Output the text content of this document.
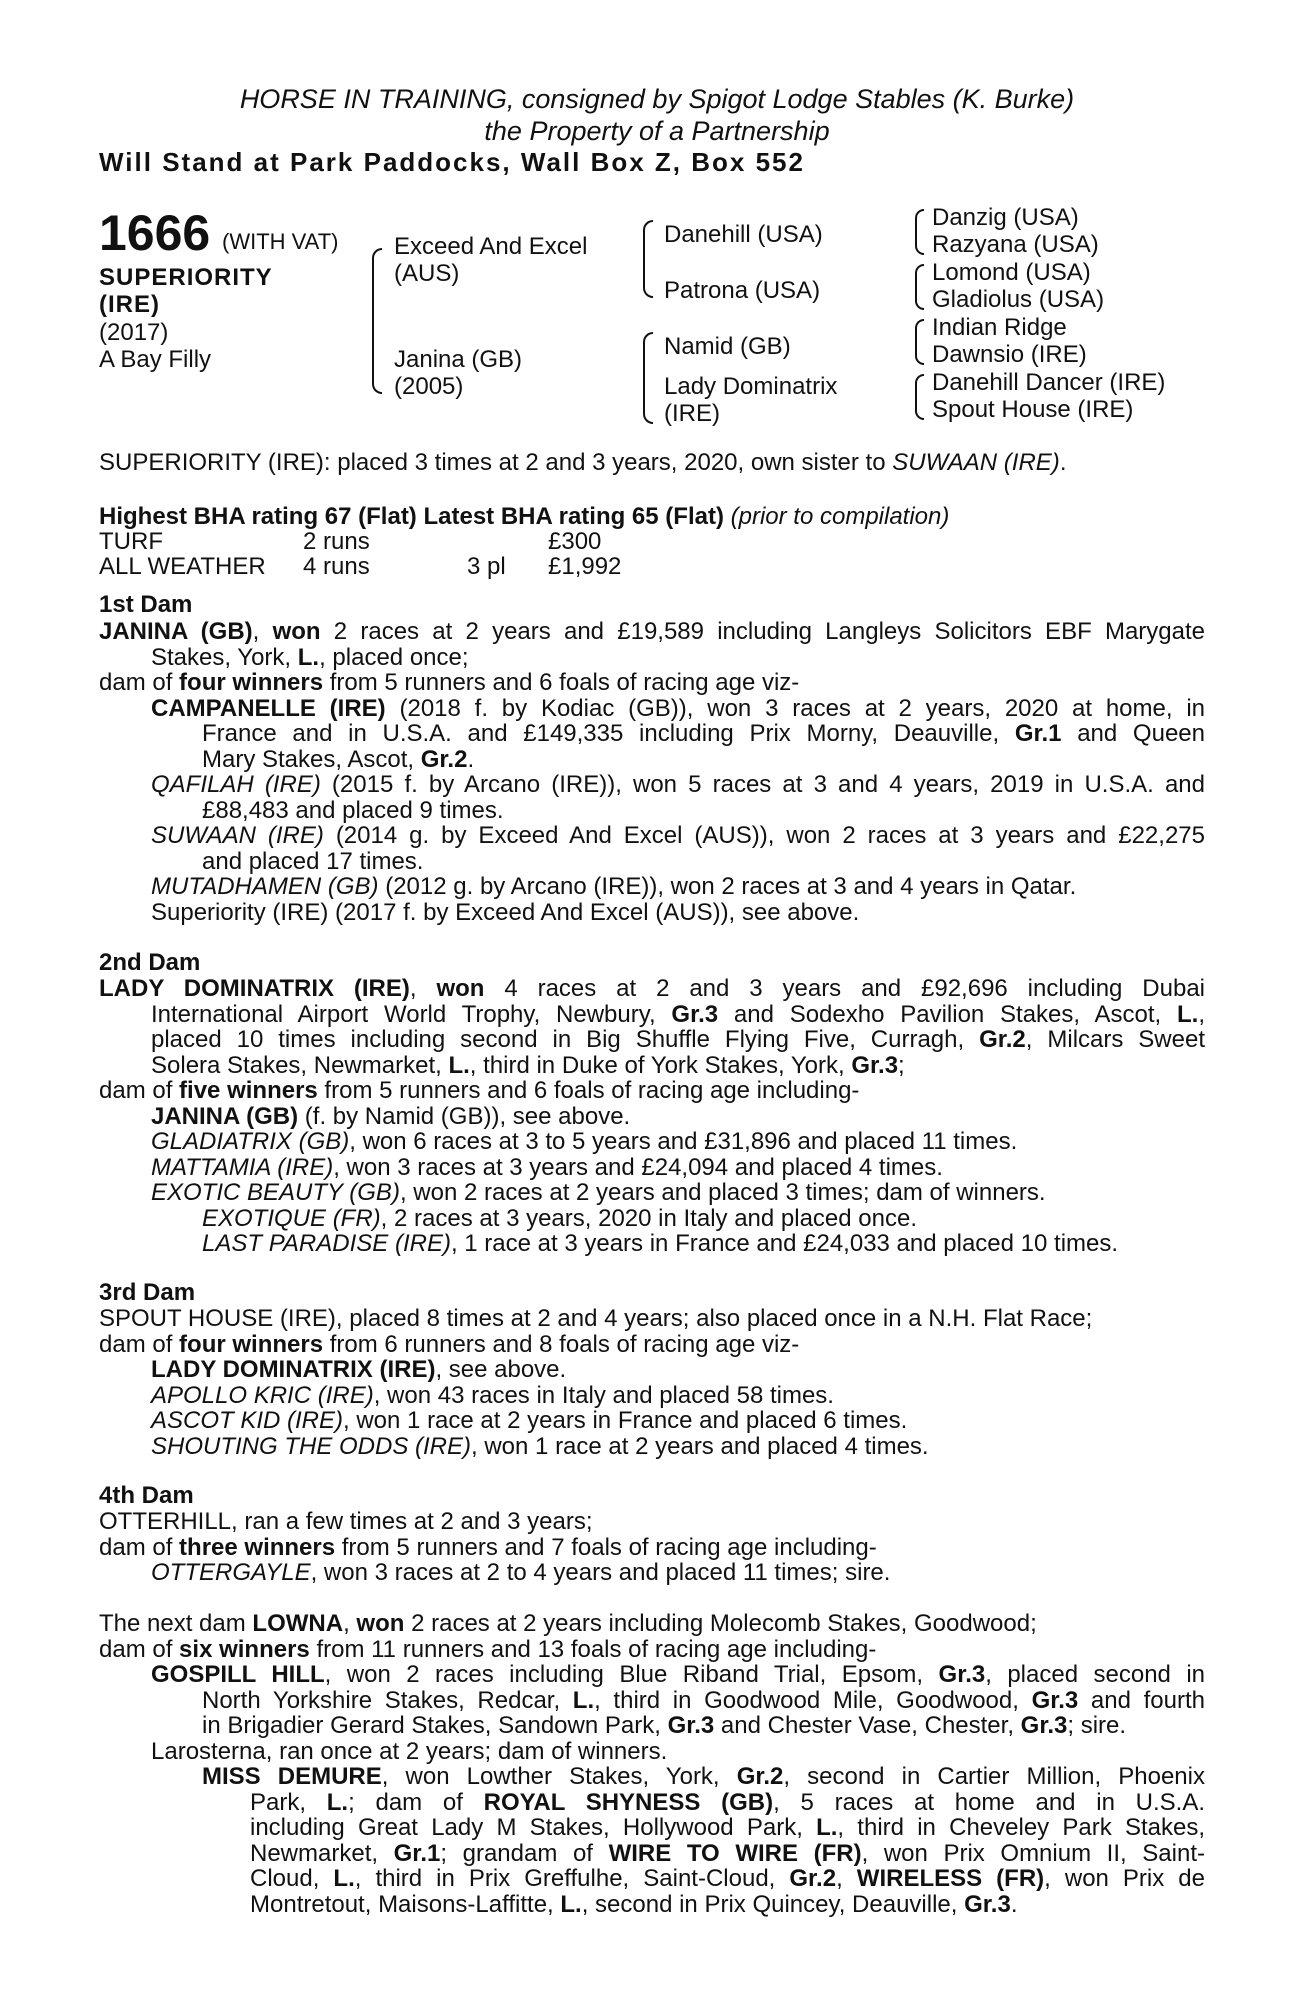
HORSE IN TRAINING, consigned by Spigot Lodge Stables (K. Burke)
the Property of a Partnership
Will Stand at Park Paddocks, Wall Box Z, Box 552
1666 (WITH VAT)
SUPERIORITY
(IRE)
(2017)
A Bay Filly
Exceed And Excel
(AUS)
Janina (GB)
(2005)
Danehill (USA)
Patrona (USA)
Namid (GB)
Lady Dominatrix
(IRE)
Danzig (USA)
Razyana (USA)
Lomond (USA)
Gladiolus (USA)
Indian Ridge
Dawnsio (IRE)
Danehill Dancer (IRE)
Spout House (IRE)
SUPERIORITY (IRE): placed 3 times at 2 and 3 years, 2020, own sister to SUWAAN (IRE).
Highest BHA rating 67 (Flat) Latest BHA rating 65 (Flat) (prior to compilation)
TURF	2 runs	£300
ALL WEATHER 4 runs	3 pl £1,992
1st Dam

JANINA (GB), won 2 races at 2 years and £19,589 including Langleys Solicitors EBF Marygate

Stakes, York, L., placed once;

dam of four winners from 5 runners and 6 foals of racing age viz-

CAMPANELLE (IRE) (2018 f. by Kodiac (GB)), won 3 races at 2 years, 2020 at home, in

France and in U.S.A. and £149,335 including Prix Morny, Deauville, Gr.1 and Queen

Mary Stakes, Ascot, Gr.2.

QAFILAH (IRE) (2015 f. by Arcano (IRE)), won 5 races at 3 and 4 years, 2019 in U.S.A. and

£88,483 and placed 9 times.

SUWAAN (IRE) (2014 g. by Exceed And Excel (AUS)), won 2 races at 3 years and £22,275

and placed 17 times.

MUTADHAMEN (GB) (2012 g. by Arcano (IRE)), won 2 races at 3 and 4 years in Qatar.

Superiority (IRE) (2017 f. by Exceed And Excel (AUS)), see above.

2nd Dam

LADY DOMINATRIX (IRE), won 4 races at 2 and 3 years and £92,696 including Dubai

International Airport World Trophy, Newbury, Gr.3 and Sodexho Pavilion Stakes, Ascot, L.,

placed 10 times including second in Big Shuffle Flying Five, Curragh, Gr.2, Milcars Sweet

Solera Stakes, Newmarket, L., third in Duke of York Stakes, York, Gr.3;

dam of five winners from 5 runners and 6 foals of racing age including-

JANINA (GB) (f. by Namid (GB)), see above.

GLADIATRIX (GB), won 6 races at 3 to 5 years and £31,896 and placed 11 times.

MATTAMIA (IRE), won 3 races at 3 years and £24,094 and placed 4 times.

EXOTIC BEAUTY (GB), won 2 races at 2 years and placed 3 times; dam of winners.

EXOTIQUE (FR), 2 races at 3 years, 2020 in Italy and placed once.

LAST PARADISE (IRE), 1 race at 3 years in France and £24,033 and placed 10 times.

3rd Dam

SPOUT HOUSE (IRE), placed 8 times at 2 and 4 years; also placed once in a N.H. Flat Race;

dam of four winners from 6 runners and 8 foals of racing age viz-

LADY DOMINATRIX (IRE), see above.

APOLLO KRIC (IRE), won 43 races in Italy and placed 58 times.

ASCOT KID (IRE), won 1 race at 2 years in France and placed 6 times.

SHOUTING THE ODDS (IRE), won 1 race at 2 years and placed 4 times.

4th Dam

OTTERHILL, ran a few times at 2 and 3 years;

dam of three winners from 5 runners and 7 foals of racing age including-

OTTERGAYLE, won 3 races at 2 to 4 years and placed 11 times; sire.

The next dam LOWNA, won 2 races at 2 years including Molecomb Stakes, Goodwood;

dam of six winners from 11 runners and 13 foals of racing age including-

GOSPILL HILL, won 2 races including Blue Riband Trial, Epsom, Gr.3, placed second in

North Yorkshire Stakes, Redcar, L., third in Goodwood Mile, Goodwood, Gr.3 and fourth

in Brigadier Gerard Stakes, Sandown Park, Gr.3 and Chester Vase, Chester, Gr.3; sire.

Larosterna, ran once at 2 years; dam of winners.

MISS DEMURE, won Lowther Stakes, York, Gr.2, second in Cartier Million, Phoenix

Park, L.; dam of ROYAL SHYNESS (GB), 5 races at home and in U.S.A.

including Great Lady M Stakes, Hollywood Park, L., third in Cheveley Park Stakes,

Newmarket, Gr.1; grandam of WIRE TO WIRE (FR), won Prix Omnium II, Saint-

Cloud, L., third in Prix Greffulhe, Saint-Cloud, Gr.2, WIRELESS (FR), won Prix de

Montretout, Maisons-Laffitte, L., second in Prix Quincey, Deauville, Gr.3.
